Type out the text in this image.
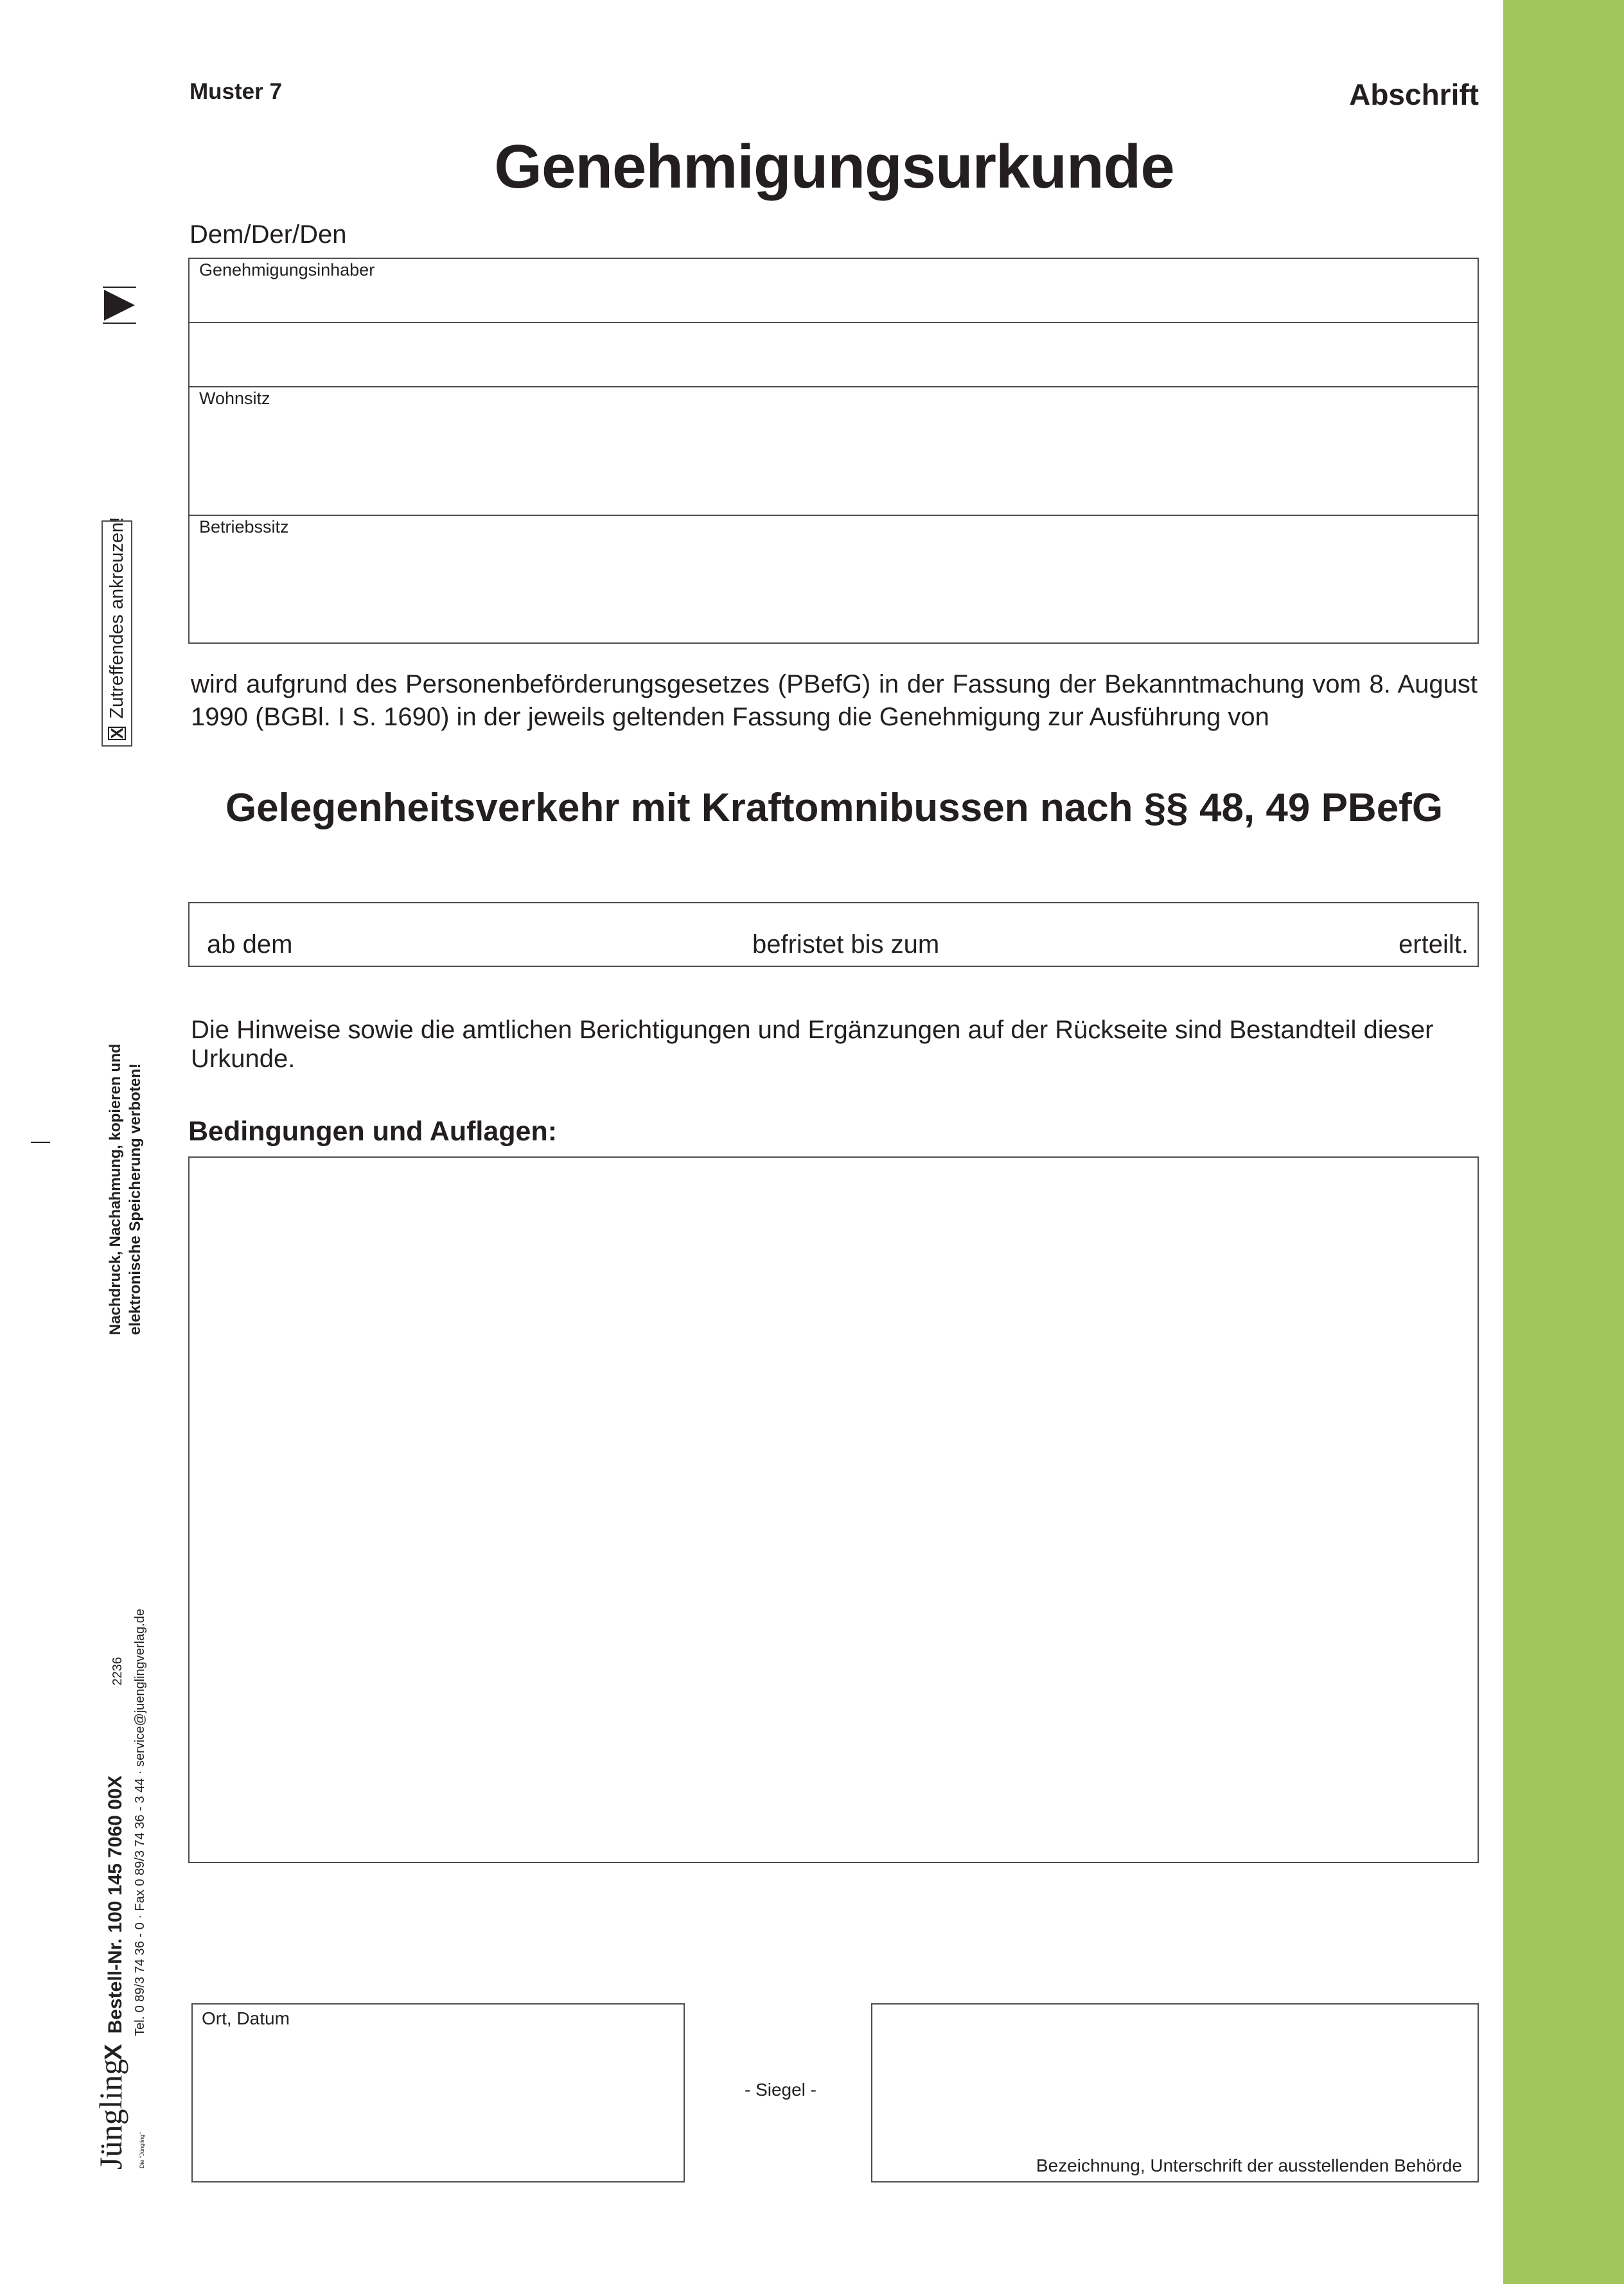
Muster 7	Abschrift
Genehmigungsurkunde
Dem/Der/Den
Genehmigungsinhaber
Wohnsitz
Betriebssitz
X
Zutreffendes ankreuzen! wird aufgrund des Personenbeförderungsgesetzes (PBefG) in der Fassung der Bekanntmachung vom 8. August 1990 (BGBl. I S. 1690) in der jeweils geltenden Fassung die Genehmigung zur Ausführung von
Gelegenheitsverkehr mit Kraftomnibussen nach §§ 48, 49 PBefG
ab dem	befristet bis zum	erteilt.
Die Hinweise sowie die amtlichen Berichtigungen und Ergänzungen auf der Rückseite sind Bestandteil dieser Urkunde.
Nachdruck, Nachahmung, kopieren und elektronische Speicherung verboten! Bedingungen und Auflagen:
Ort, Datum
- Siegel -
Bezeichnung, Unterschrift der ausstellenden Behörde
JünglingX
Bestell-Nr. 100 145 7060 00X
2236
Die "Jüngling"
Tel. 0 89/3 74 36 - 0 · Fax 0 89/3 74 36 - 3 44 · service@juenglingverlag.de
